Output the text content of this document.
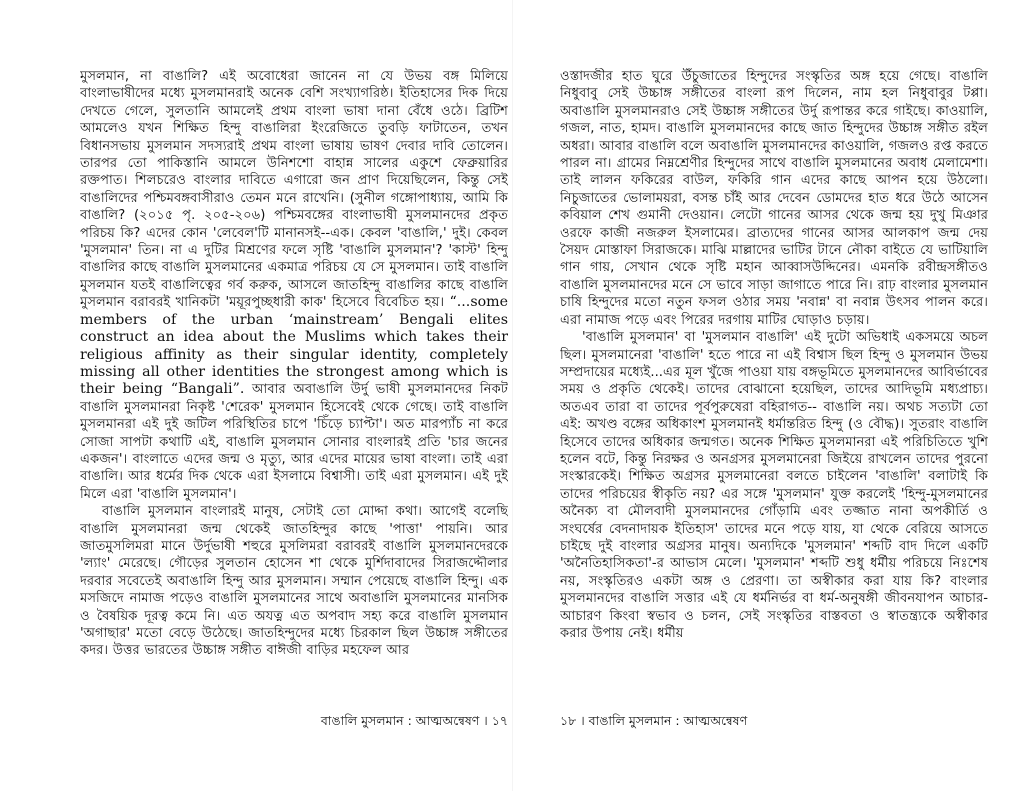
মুসলমান, না বাঙালি? এই অবোধেরা জানেন না যে উভয় বঙ্গ মিলিয়ে বাংলাভাষীদের মধ্যে মুসলমানরাই অনেক বেশি সংখ্যাগরিষ্ঠ। ইতিহাসের দিক দিয়ে দেখতে গেলে, সুলতানি আমলেই প্রথম বাংলা ভাষা দানা বেঁধে ওঠে। ব্রিটিশ আমলেও যখন শিক্ষিত হিন্দু বাঙালিরা ইংরেজিতে তুবড়ি ফাটাতেন, তখন বিধানসভায় মুসলমান সদস্যরাই প্রথম বাংলা ভাষায় ভাষণ দেবার দাবি তোলেন। তারপর তো পাকিস্তানি আমলে উনিশশো বাহান্ন সালের একুশে ফেব্রুয়ারির রক্তপাত। শিলচরেও বাংলার দাবিতে এগারো জন প্রাণ দিয়েছিলেন, কিন্তু সেই বাঙালিদের পশ্চিমবঙ্গবাসীরাও তেমন মনে রাখেনি। (সুনীল গঙ্গোপাধ্যায়, আমি কি বাঙালি? (২০১৫ পৃ. ২০৫-২০৬) পশ্চিমবঙ্গের বাংলাভাষী মুসলমানদের প্রকৃত পরিচয় কি? এদের কোন 'লেবেল'টি মানানসই--এক। কেবল 'বাঙালি,' দুই। কেবল 'মুসলমান' তিন। না এ দুটির মিশ্রণের ফলে সৃষ্টি 'বাঙালি মুসলমান'? 'কাস্ট' হিন্দু বাঙালির কাছে বাঙালি মুসলমানের একমাত্র পরিচয় যে সে মুসলমান। তাই বাঙালি মুসলমান যতই বাঙালিত্বের গর্ব করুক, আসলে জাতহিন্দু বাঙালির কাছে বাঙালি মুসলমান বরাবরই খানিকটা 'ময়ূরপুচ্ছধারী কাক' হিসেবে বিবেচিত হয়। “...some members of the urban ‘mainstream’ Bengali elites construct an idea about the Muslims which takes their religious affinity as their singular identity, completely missing all other identities the strongest among which is their being “Bangali”. আবার অবাঙালি উর্দু ভাষী মুসলমানদের নিকট বাঙালি মুসলমানরা নিকৃষ্ট 'শেরেক' মুসলমান হিসেবেই থেকে গেছে। তাই বাঙালি মুসলমানরা এই দুই জটিল পরিস্থিতির চাপে 'চিঁড়ে চ্যাপ্টা'। অত মারপ্যাঁচ না করে সোজা সাপটা কথাটি এই, বাঙালি মুসলমান সোনার বাংলারই প্রতি 'চার জনের একজন'। বাংলাতে এদের জন্ম ও মৃত্যু, আর এদের মায়ের ভাষা বাংলা। তাই এরা বাঙালি। আর ধর্মের দিক থেকে এরা ইসলামে বিশ্বাসী। তাই এরা মুসলমান। এই দুই মিলে এরা 'বাঙালি মুসলমান'।

বাঙালি মুসলমান বাংলারই মানুষ, সেটাই তো মোদ্দা কথা। আগেই বলেছি বাঙালি মুসলমানরা জন্ম থেকেই জাতহিন্দুর কাছে 'পাত্তা' পায়নি। আর জাতমুসলিমরা মানে উর্দুভাষী শহুরে মুসলিমরা বরাবরই বাঙালি মুসলমানদেরকে 'ল্যাং' মেরেছে। গৌড়ের সুলতান হোসেন শা থেকে মুর্শিদাবাদের সিরাজদ্দৌলার দরবার সবেতেই অবাঙালি হিন্দু আর মুসলমান। সম্মান পেয়েছে বাঙালি হিন্দু। এক মসজিদে নামাজ পড়েও বাঙালি মুসলমানের সাথে অবাঙালি মুসলমানের মানসিক ও বৈষয়িক দূরত্ব কমে নি। এত অযত্ন এত অপবাদ সহ্য করে বাঙালি মুসলমান 'অগাছার' মতো বেড়ে উঠেছে। জাতহিন্দুদের মধ্যে চিরকাল ছিল উচ্চাঙ্গ সঙ্গীতের কদর। উত্তর ভারতের উচ্চাঙ্গ সঙ্গীত বাঈজী বাড়ির মহফেল আর

ওস্তাদজীর হাত ঘুরে উঁচুজাতের হিন্দুদের সংস্কৃতির অঙ্গ হয়ে গেছে। বাঙালি নিধুবাবু সেই উচ্চাঙ্গ সঙ্গীতের বাংলা রূপ দিলেন, নাম হল নিধুবাবুর টপ্পা। অবাঙালি মুসলমানরাও সেই উচ্চাঙ্গ সঙ্গীতের উর্দু রূপান্তর করে গাইছে। কাওয়ালি, গজল, নাত, হামদ। বাঙালি মুসলমানদের কাছে জাত হিন্দুদের উচ্চাঙ্গ সঙ্গীত রইল অধরা। আবার বাঙালি বলে অবাঙালি মুসলমানদের কাওয়ালি, গজলও রপ্ত করতে পারল না। গ্রামের নিম্নশ্রেণীর হিন্দুদের সাথে বাঙালি মুসলমানের অবাধ মেলামেশা। তাই লালন ফকিরের বাউল, ফকিরি গান এদের কাছে আপন হয়ে উঠলো। নিচুজাতের ভোলাময়রা, বসন্ত চাঁই আর দেবেন ডোমদের হাত ধরে উঠে আসেন কবিয়াল শেখ গুমানী দেওয়ান। লেটো গানের আসর থেকে জন্ম হয় দুখু মিঞার ওরফে কাজী নজরুল ইসলামের। ব্রাত্যদের গানের আসর আলকাপ জন্ম দেয় সৈয়দ মোস্তাফা সিরাজকে। মাঝি মাল্লাদের ভাটির টানে নৌকা বাইতে যে ভাটিয়ালি গান গায়, সেখান থেকে সৃষ্টি মহান আব্বাসউদ্দিনের। এমনকি রবীন্দ্রসঙ্গীতও বাঙালি মুসলমানদের মনে সে ভাবে সাড়া জাগাতে পারে নি। রাঢ় বাংলার মুসলমান চাষি হিন্দুদের মতো নতুন ফসল ওঠার সময় 'নবান্ন' বা নবান্ন উৎসব পালন করে। এরা নামাজ পড়ে এবং পিরের দরগায় মাটির ঘোড়াও চড়ায়।

'বাঙালি মুসলমান' বা 'মুসলমান বাঙালি' এই দুটো অভিধাই একসময়ে অচল ছিল। মুসলমানেরা 'বাঙালি' হতে পারে না এই বিশ্বাস ছিল হিন্দু ও মুসলমান উভয় সম্প্রদায়ের মধ্যেই...এর মূল খুঁজে পাওয়া যায় বঙ্গভূমিতে মুসলমানদের আবির্ভাবের সময় ও প্রকৃতি থেকেই। তাদের বোঝানো হয়েছিল, তাদের আদিভূমি মধ্যপ্রাচ্য। অতএব তারা বা তাদের পূর্বপুরুষেরা বহিরাগত-- বাঙালি নয়। অথচ সত্যটা তো এই: অখণ্ড বঙ্গের অধিকাংশ মুসলমানই ধর্মান্তরিত হিন্দু (ও বৌদ্ধ)। সুতরাং বাঙালি হিসেবে তাদের অধিকার জন্মগত। অনেক শিক্ষিত মুসলমানরা এই পরিচিতিতে খুশি হলেন বটে, কিন্তু নিরক্ষর ও অনগ্রসর মুসলমানেরা জিইয়ে রাখলেন তাদের পুরনো সংস্কারকেই। শিক্ষিত অগ্রসর মুসলমানেরা বলতে চাইলেন 'বাঙালি' বলাটাই কি তাদের পরিচয়ের স্বীকৃতি নয়? এর সঙ্গে 'মুসলমান' যুক্ত করলেই 'হিন্দু-মুসলমানের অনৈক্য বা মৌলবাদী মুসলমানদের গোঁড়ামি এবং তজ্জাত নানা অপকীর্তি ও সংঘর্ষের বেদনাদায়ক ইতিহাস' তাদের মনে পড়ে যায়, যা থেকে বেরিয়ে আসতে চাইছে দুই বাংলার অগ্রসর মানুষ। অন্যদিকে 'মুসলমান' শব্দটি বাদ দিলে একটি 'অনৈতিহাসিকতা'-র আভাস মেলে। 'মুসলমান' শব্দটি শুধু ধর্মীয় পরিচয়ে নিঃশেষ নয়, সংস্কৃতিরও একটা অঙ্গ ও প্রেরণা। তা অস্বীকার করা যায় কি? বাংলার মুসলমানদের বাঙালি সত্তার এই যে ধর্মনির্ভর বা ধর্ম-অনুষঙ্গী জীবনযাপন আচার-আচারণ কিংবা স্বভাব ও চলন, সেই সংস্কৃতির বাস্তবতা ও স্বাতন্ত্র্যকে অস্বীকার করার উপায় নেই। ধর্মীয়

বাঙালি মুসলমান : আত্মঅন্বেষণ । ১৭	১৮ । বাঙালি মুসলমান : আত্মঅন্বেষণ
